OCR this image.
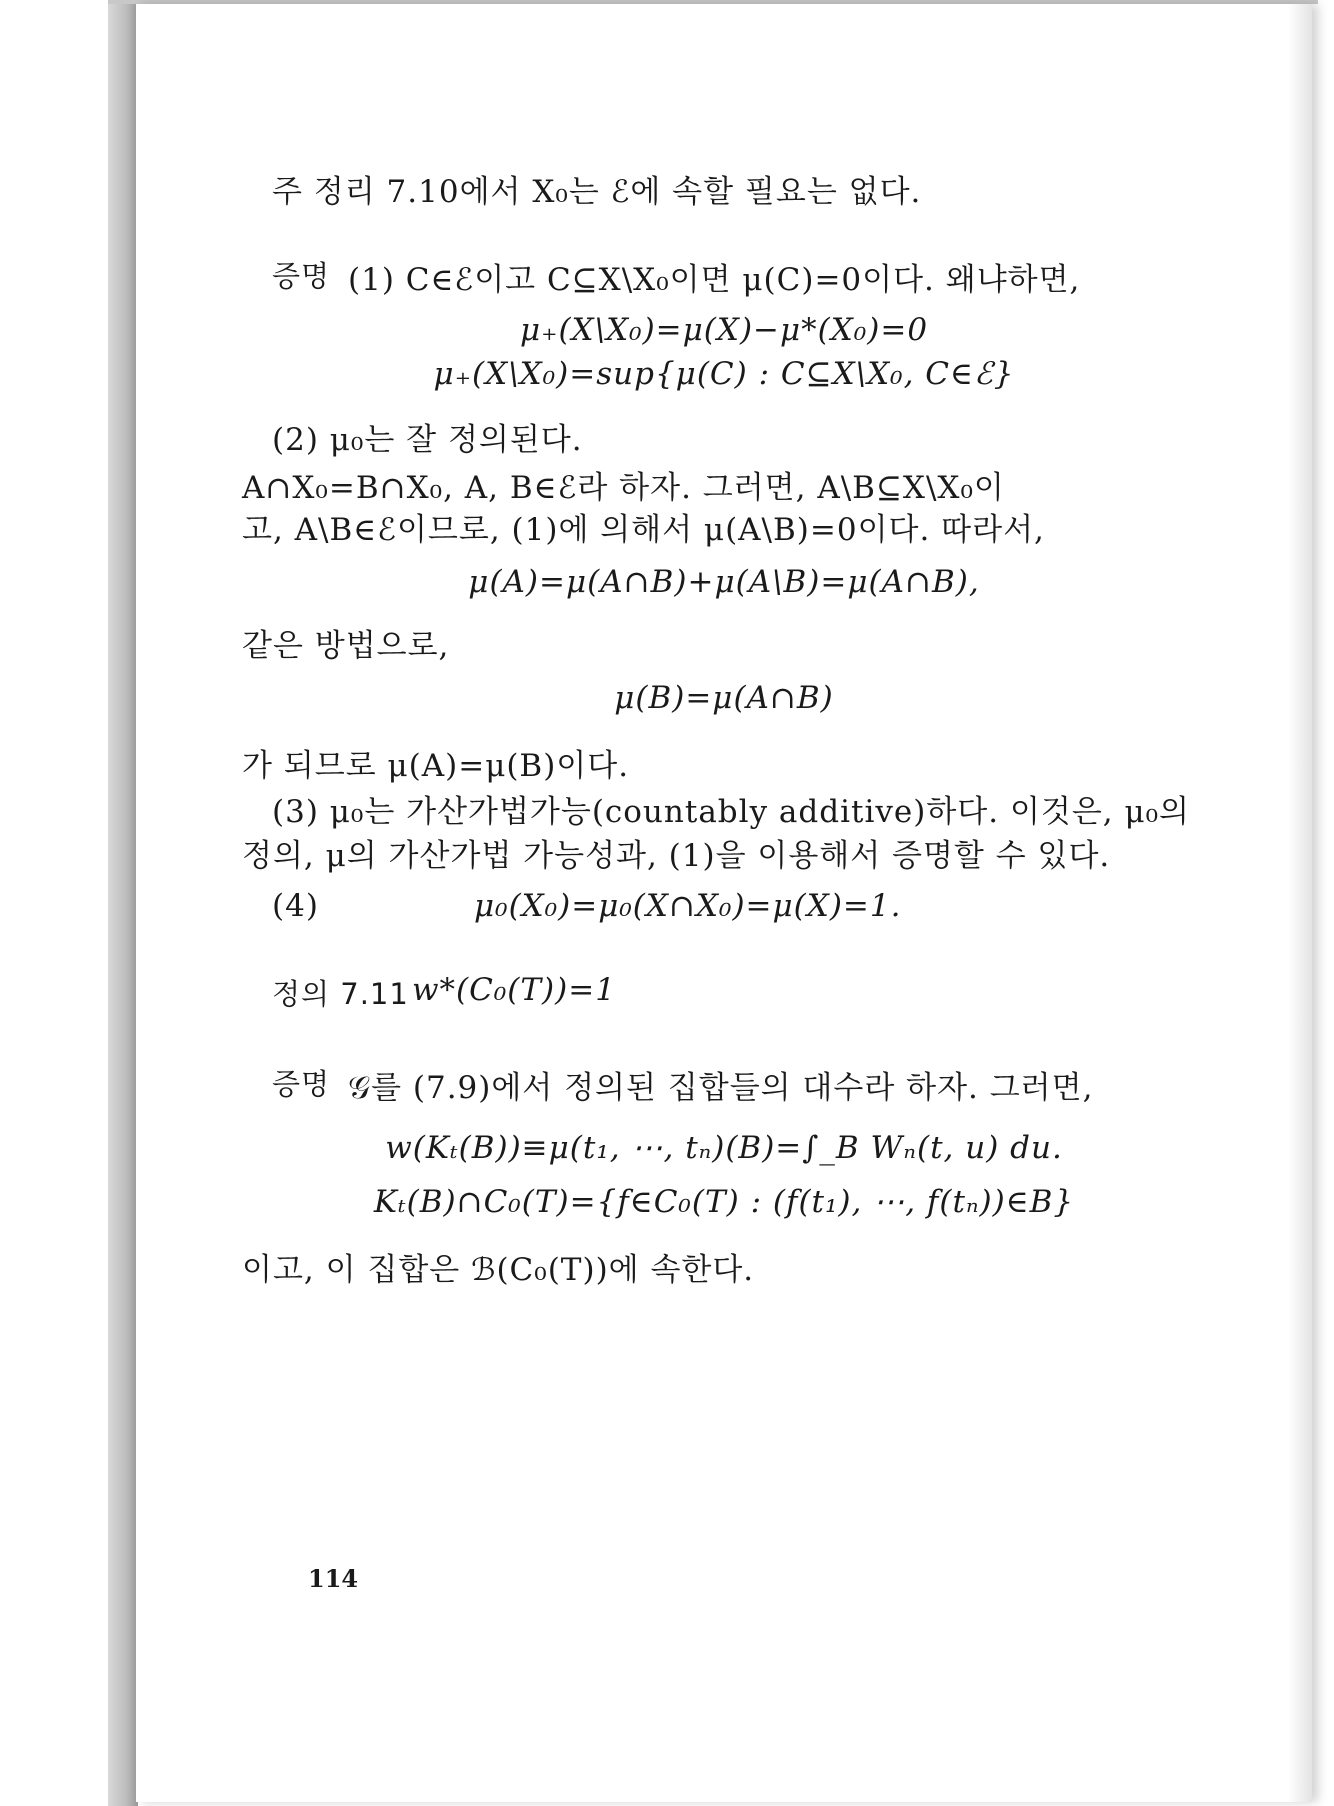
주 정리 7.10에서 X₀는 ℰ에 속할 필요는 없다.
증명 (1) C∈ℰ이고 C⊆X\X₀이면 μ(C)=0이다. 왜냐하면,
μ₊(X\X₀)=μ(X)−μ*(X₀)=0
μ₊(X\X₀)=sup{μ(C) : C⊆X\X₀, C∈ℰ}
(2) μ₀는 잘 정의된다.
A∩X₀=B∩X₀, A, B∈ℰ라 하자. 그러면, A\B⊆X\X₀이
고, A\B∈ℰ이므로, (1)에 의해서 μ(A\B)=0이다. 따라서,
μ(A)=μ(A∩B)+μ(A\B)=μ(A∩B),
같은 방법으로,
μ(B)=μ(A∩B)
가 되므로 μ(A)=μ(B)이다.
(3) μ₀는 가산가법가능(countably additive)하다. 이것은, μ₀의
정의, μ의 가산가법 가능성과, (1)을 이용해서 증명할 수 있다.
(4)	μ₀(X₀)=μ₀(X∩X₀)=μ(X)=1.
정의 7.11 w*(C₀(T))=1
증명 𝒢를 (7.9)에서 정의된 집합들의 대수라 하자. 그러면,
w(Kₜ(B))≡μ(t₁, ⋯, tₙ)(B)=∫_B Wₙ(t, u) du.
Kₜ(B)∩C₀(T)={f∈C₀(T) : (f(t₁), ⋯, f(tₙ))∈B}
이고, 이 집합은 ℬ(C₀(T))에 속한다.
114
